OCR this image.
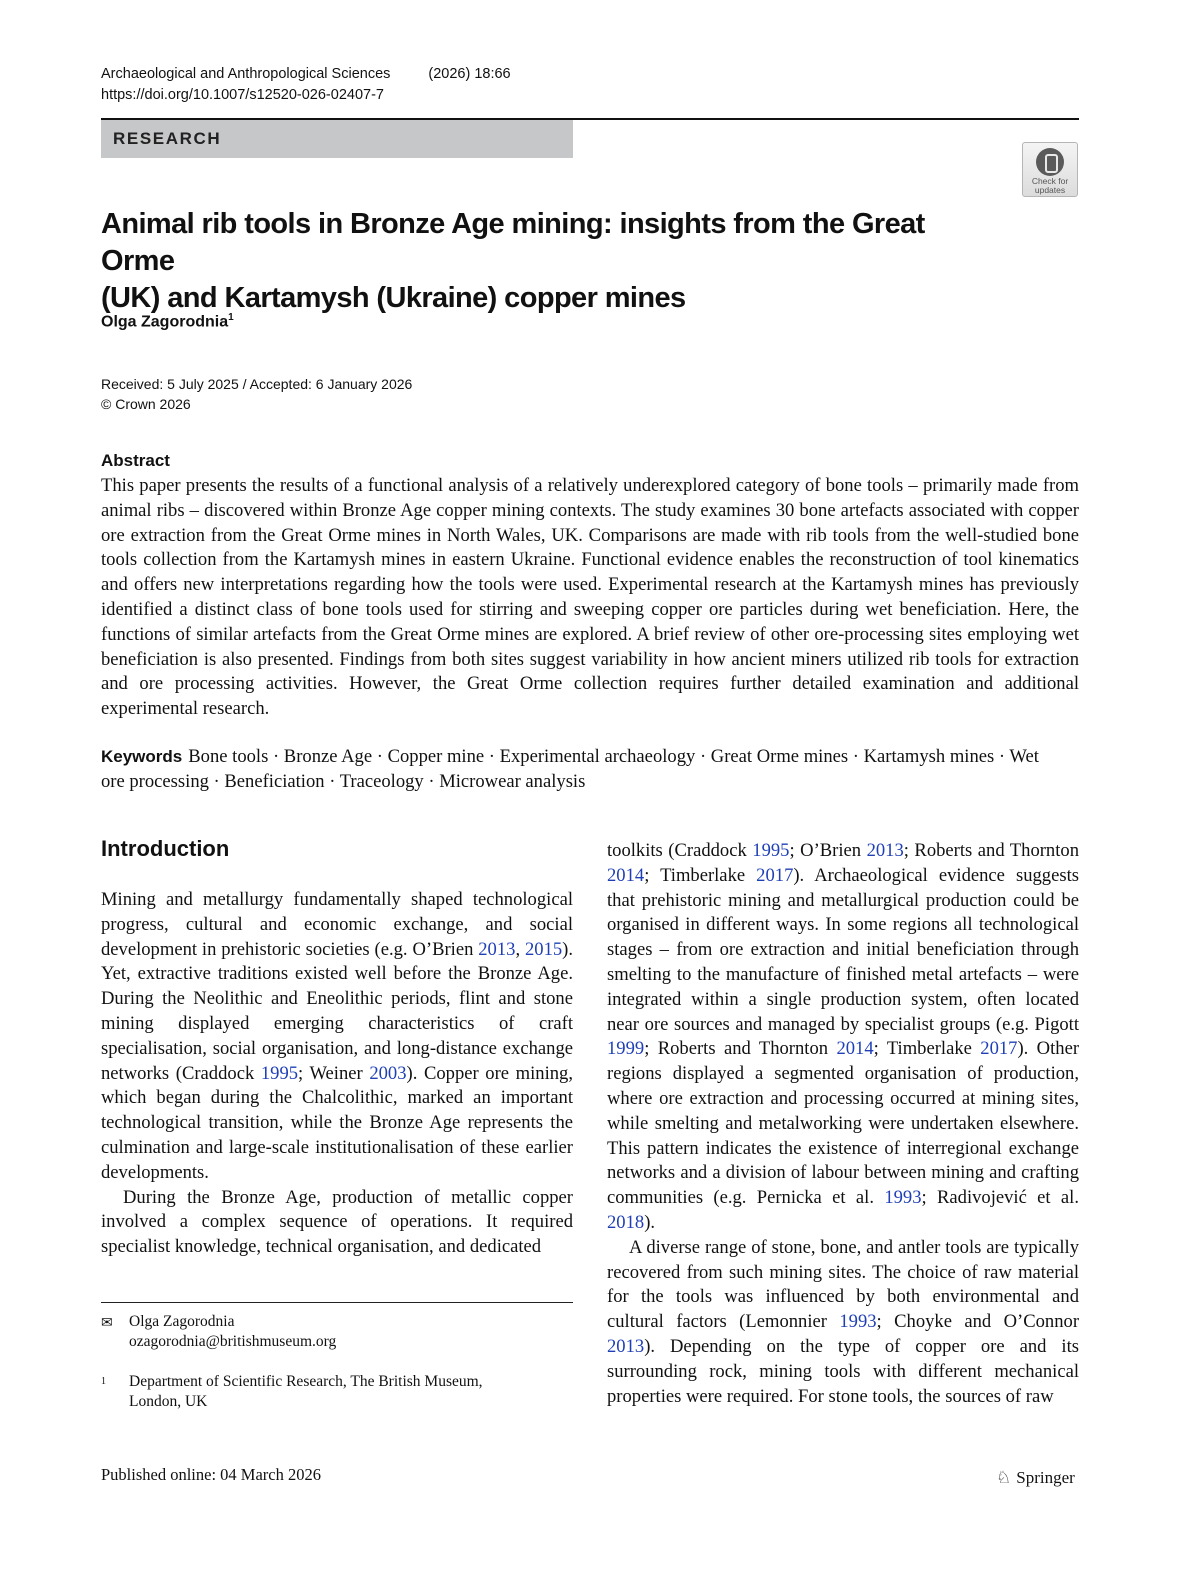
Archaeological and Anthropological Sciences	(2026) 18:66
https://doi.org/10.1007/s12520-026-02407-7
RESEARCH
Check for
updates
Animal rib tools in Bronze Age mining: insights from the Great Orme
(UK) and Kartamysh (Ukraine) copper mines
Olga Zagorodnia$^1$
Received: 5 July 2025 / Accepted: 6 January 2026
© Crown 2026
Abstract

This paper presents the results of a functional analysis of a relatively underexplored category of bone tools – primarily made from animal ribs – discovered within Bronze Age copper mining contexts. The study examines 30 bone artefacts associated with copper ore extraction from the Great Orme mines in North Wales, UK. Comparisons are made with rib tools from the well-studied bone tools collection from the Kartamysh mines in eastern Ukraine. Functional evidence enables the reconstruction of tool kinematics and offers new interpretations regarding how the tools were used. Experimental research at the Kartamysh mines has previously identified a distinct class of bone tools used for stirring and sweeping copper ore particles during wet beneficiation. Here, the functions of similar artefacts from the Great Orme mines are explored. A brief review of other ore-processing sites employing wet beneficiation is also presented. Findings from both sites suggest variability in how ancient miners utilized rib tools for extraction and ore processing activities. However, the Great Orme collection requires further detailed examination and additional experimental research.

Keywords Bone tools · Bronze Age · Copper mine · Experimental archaeology · Great Orme mines · Kartamysh mines · Wet ore processing · Beneficiation · Traceology · Microwear analysis
Introduction

Mining and metallurgy fundamentally shaped technological progress, cultural and economic exchange, and social development in prehistoric societies (e.g. O’Brien 2013, 2015). Yet, extractive traditions existed well before the Bronze Age. During the Neolithic and Eneolithic periods, flint and stone mining displayed emerging characteristics of craft specialisation, social organisation, and long-distance exchange networks (Craddock 1995; Weiner 2003). Copper ore mining, which began during the Chalcolithic, marked an important technological transition, while the Bronze Age represents the culmination and large-scale institutionalisation of these earlier developments.

During the Bronze Age, production of metallic copper involved a complex sequence of operations. It required specialist knowledge, technical organisation, and dedicated

toolkits (Craddock 1995; O’Brien 2013; Roberts and Thornton 2014; Timberlake 2017). Archaeological evidence suggests that prehistoric mining and metallurgical production could be organised in different ways. In some regions all technological stages – from ore extraction and initial beneficiation through smelting to the manufacture of finished metal artefacts – were integrated within a single production system, often located near ore sources and managed by specialist groups (e.g. Pigott 1999; Roberts and Thornton 2014; Timberlake 2017). Other regions displayed a segmented organisation of production, where ore extraction and processing occurred at mining sites, while smelting and metalworking were undertaken elsewhere. This pattern indicates the existence of interregional exchange networks and a division of labour between mining and crafting communities (e.g. Pernicka et al. 1993; Radivojević et al. 2018).

A diverse range of stone, bone, and antler tools are typically recovered from such mining sites. The choice of raw material for the tools was influenced by both environmental and cultural factors (Lemonnier 1993; Choyke and O’Connor 2013). Depending on the type of copper ore and its surrounding rock, mining tools with different mechanical properties were required. For stone tools, the sources of raw

✉ Olga Zagorodnia
ozagorodnia@britishmuseum.org
1 Department of Scientific Research, The British Museum,
London, UK
Published online: 04 March 2026	♘ Springer
